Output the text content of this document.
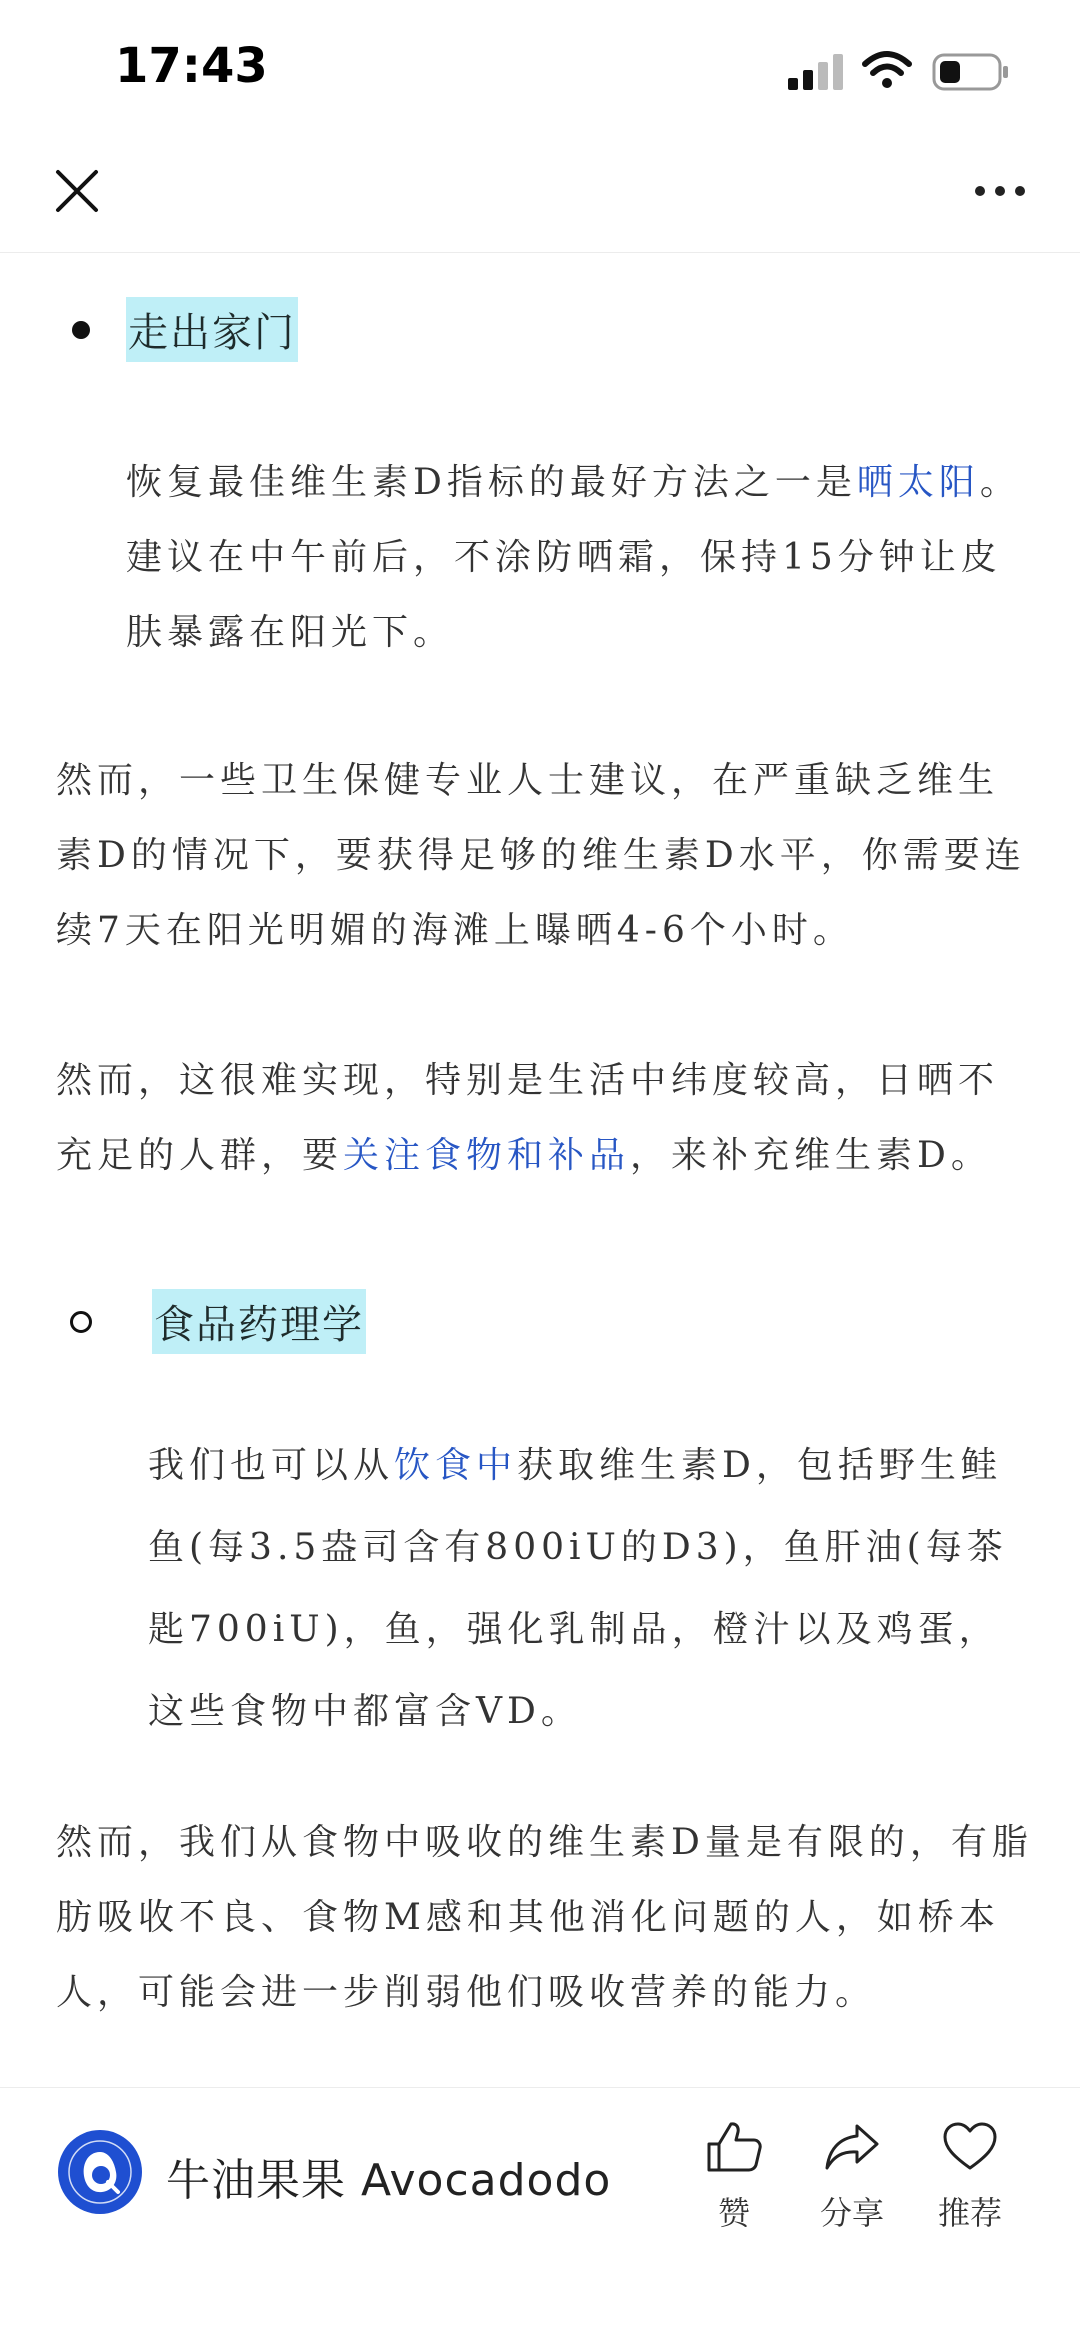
17:43
走出家门

恢复最佳维生素D指标的最好方法之一是晒太阳。建议在中午前后，不涂防晒霜，保持15分钟让皮肤暴露在阳光下。

然而，一些卫生保健专业人士建议，在严重缺乏维生素D的情况下，要获得足够的维生素D水平，你需要连续7天在阳光明媚的海滩上曝晒4-6个小时。

然而，这很难实现，特别是生活中纬度较高，日晒不充足的人群，要关注食物和补品，来补充维生素D。

食品药理学

我们也可以从饮食中获取维生素D，包括野生鲑鱼(每3.5盎司含有800iU的D3)，鱼肝油(每茶匙700iU)，鱼，强化乳制品，橙汁以及鸡蛋，这些食物中都富含VD。

然而，我们从食物中吸收的维生素D量是有限的，有脂肪吸收不良、食物M感和其他消化问题的人，如桥本人，可能会进一步削弱他们吸收营养的能力。

牛油果果 Avocadodo
赞	分享	推荐
